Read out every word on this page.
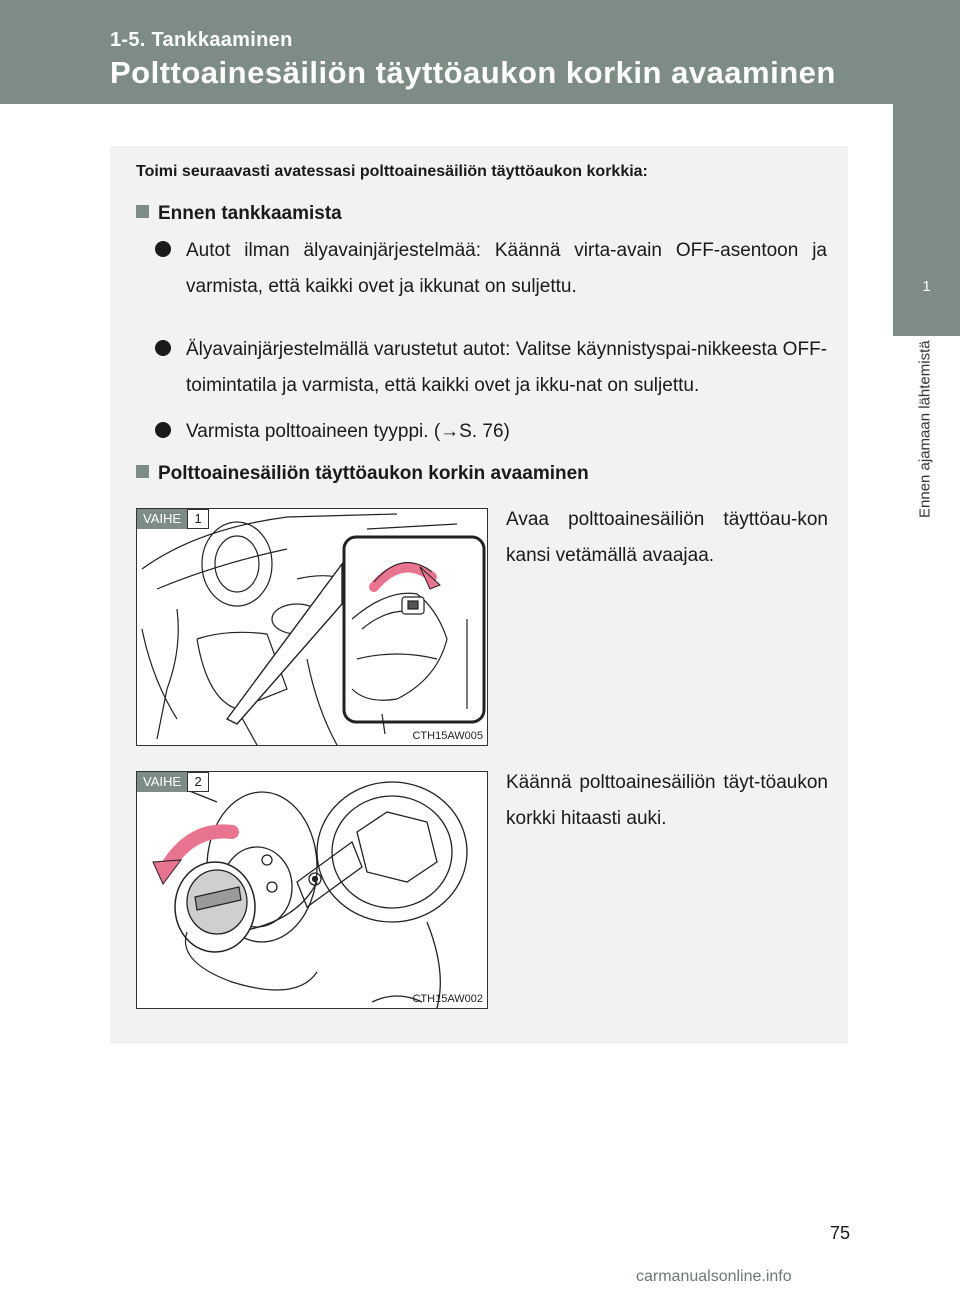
1-5. Tankkaaminen
Polttoainesäiliön täyttöaukon korkin avaaminen
1
Ennen ajamaan lähtemistä
Toimi seuraavasti avatessasi polttoainesäiliön täyttöaukon korkkia:
Ennen tankkaamista
Autot ilman älyavainjärjestelmää: Käännä virta-avain OFF-asentoon ja varmista, että kaikki ovet ja ikkunat on suljettu.
Älyavainjärjestelmällä varustetut autot: Valitse käynnistyspai-nikkeesta OFF-toimintatila ja varmista, että kaikki ovet ja ikku-nat on suljettu.
Varmista polttoaineen tyyppi. (→S. 76)
Polttoainesäiliön täyttöaukon korkin avaaminen
VAIHE	1
CTH15AW005
Avaa polttoainesäiliön täyttöau-kon kansi vetämällä avaajaa.
VAIHE	2
CTH15AW002
Käännä polttoainesäiliön täyt-töaukon korkki hitaasti auki.
75
carmanualsonline.info
